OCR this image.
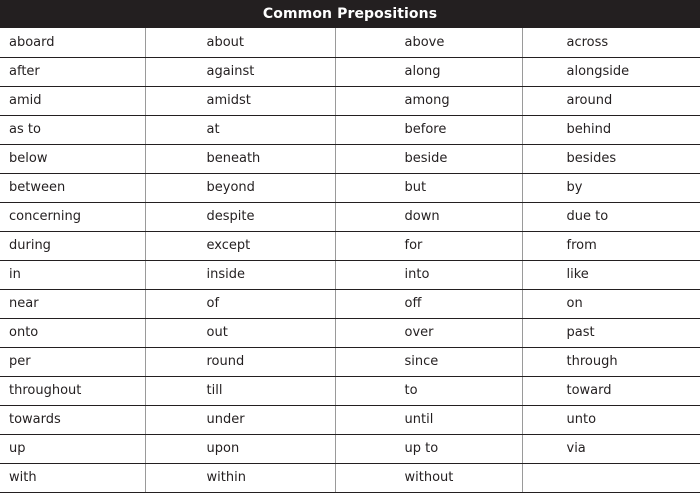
Common Prepositions
aboard	about	above	across
after	against	along	alongside
amid	amidst	among	around
as to	at	before	behind
below	beneath	beside	besides
between	beyond	but	by
concerning	despite	down	due to
during	except	for	from
in	inside	into	like
near	of	off	on
onto	out	over	past
per	round	since	through
throughout	till	to	toward
towards	under	until	unto
up	upon	up to	via
with	within	without	
